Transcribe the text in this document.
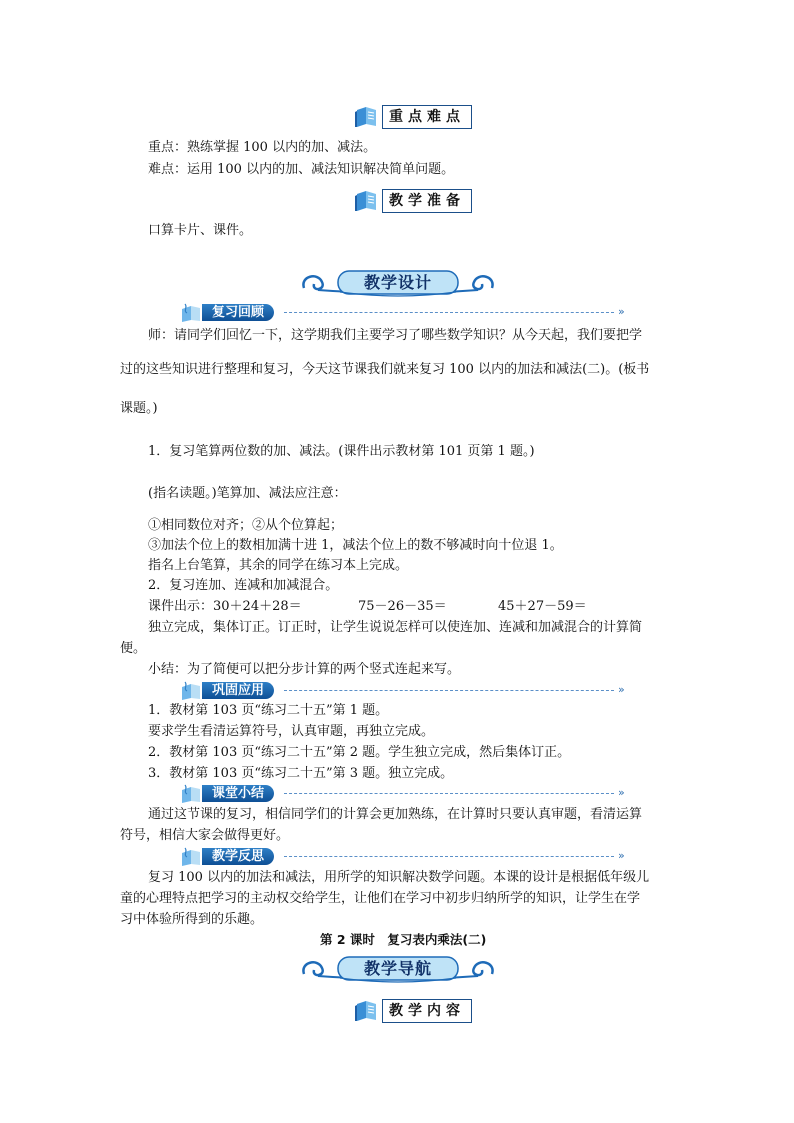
重点难点
重点：熟练掌握 100 以内的加、减法。
难点：运用 100 以内的加、减法知识解决简单问题。
教学准备
口算卡片、课件。
教学设计
复习回顾	»
师：请同学们回忆一下，这学期我们主要学习了哪些数学知识？从今天起，我们要把学
过的这些知识进行整理和复习，今天这节课我们就来复习 100 以内的加法和减法(二)。(板书
课题。)
1．复习笔算两位数的加、减法。(课件出示教材第 101 页第 1 题。)
(指名读题。)笔算加、减法应注意：
①相同数位对齐；②从个位算起；
③加法个位上的数相加满十进 1，减法个位上的数不够减时向十位退 1。
指名上台笔算，其余的同学在练习本上完成。
2．复习连加、连减和加减混合。
课件出示：30＋24＋28＝	75－26－35＝	45＋27－59＝
独立完成，集体订正。订正时，让学生说说怎样可以使连加、连减和加减混合的计算简
便。
小结：为了简便可以把分步计算的两个竖式连起来写。
巩固应用	»
1．教材第 103 页“练习二十五”第 1 题。
要求学生看清运算符号，认真审题，再独立完成。
2．教材第 103 页“练习二十五”第 2 题。学生独立完成，然后集体订正。
3．教材第 103 页“练习二十五”第 3 题。独立完成。
课堂小结	»
通过这节课的复习，相信同学们的计算会更加熟练，在计算时只要认真审题，看清运算
符号，相信大家会做得更好。
教学反思	»
复习 100 以内的加法和减法，用所学的知识解决数学问题。本课的设计是根据低年级儿
童的心理特点把学习的主动权交给学生，让他们在学习中初步归纳所学的知识，让学生在学
习中体验所得到的乐趣。
第 2 课时　复习表内乘法(二)
教学导航
教学内容
